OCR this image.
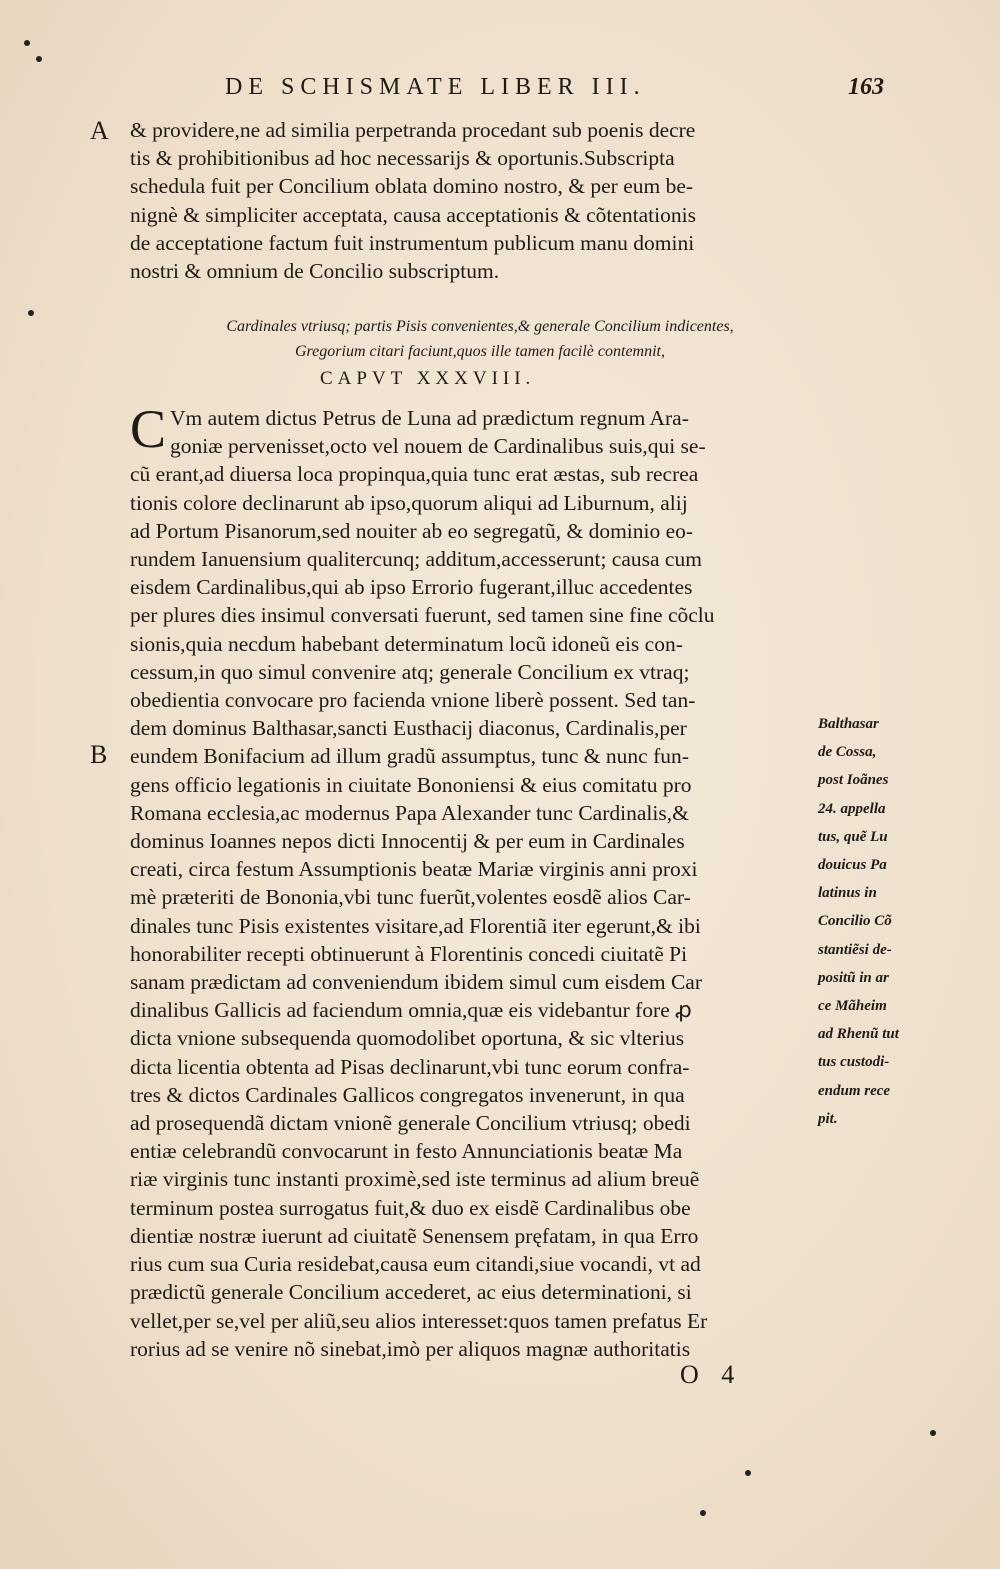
DE SCHISMATE LIBER III.	163
A
B
& providere,ne ad similia perpetranda procedant sub poenis decre
tis & prohibitionibus ad hoc necessarijs & oportunis.Subscripta
schedula fuit per Concilium oblata domino nostro, & per eum be-
nignè & simpliciter acceptata, causa acceptationis & cõtentationis
de acceptatione factum fuit instrumentum publicum manu domini
nostri & omnium de Concilio subscriptum.
Cardinales vtriusq; partis Pisis convenientes,& generale Concilium indicentes,
Gregorium citari faciunt,quos ille tamen facilè contemnit,
CAPVT XXXVIII.
C Vm autem dictus Petrus de Luna ad prædictum regnum Ara-
goniæ pervenisset,octo vel nouem de Cardinalibus suis,qui se-
cũ erant,ad diuersa loca propinqua,quia tunc erat æstas, sub recrea
tionis colore declinarunt ab ipso,quorum aliqui ad Liburnum, alij
ad Portum Pisanorum,sed nouiter ab eo segregatũ, & dominio eo-
rundem Ianuensium qualitercunq; additum,accesserunt; causa cum
eisdem Cardinalibus,qui ab ipso Errorio fugerant,illuc accedentes
per plures dies insimul conversati fuerunt, sed tamen sine fine cõclu
sionis,quia necdum habebant determinatum locũ idoneũ eis con-
cessum,in quo simul convenire atq; generale Concilium ex vtraq;
obedientia convocare pro facienda vnione liberè possent. Sed tan-
dem dominus Balthasar,sancti Eusthacij diaconus, Cardinalis,per
eundem Bonifacium ad illum gradũ assumptus, tunc & nunc fun-
gens officio legationis in ciuitate Bononiensi & eius comitatu pro
Romana ecclesia,ac modernus Papa Alexander tunc Cardinalis,&
dominus Ioannes nepos dicti Innocentij & per eum in Cardinales
creati, circa festum Assumptionis beatæ Mariæ virginis anni proxi
mè præteriti de Bononia,vbi tunc fuerũt,volentes eosdẽ alios Car-
dinales tunc Pisis existentes visitare,ad Florentiã iter egerunt,& ibi
honorabiliter recepti obtinuerunt à Florentinis concedi ciuitatẽ Pi
sanam prædictam ad conveniendum ibidem simul cum eisdem Car
dinalibus Gallicis ad faciendum omnia,quæ eis videbantur fore ꝓ
dicta vnione subsequenda quomodolibet oportuna, & sic vlterius
dicta licentia obtenta ad Pisas declinarunt,vbi tunc eorum confra-
tres & dictos Cardinales Gallicos congregatos invenerunt, in qua
ad prosequendã dictam vnionẽ generale Concilium vtriusq; obedi
entiæ celebrandũ convocarunt in festo Annunciationis beatæ Ma
riæ virginis tunc instanti proximè,sed iste terminus ad alium breuẽ
terminum postea surrogatus fuit,& duo ex eisdẽ Cardinalibus obe
dientiæ nostræ iuerunt ad ciuitatẽ Senensem pręfatam, in qua Erro
rius cum sua Curia residebat,causa eum citandi,siue vocandi, vt ad
prædictũ generale Concilium accederet, ac eius determinationi, si
vellet,per se,vel per aliũ,seu alios interesset:quos tamen prefatus Er
rorius ad se venire nõ sinebat,imò per aliquos magnæ authoritatis
Balthasar
de Cossa,
post Ioãnes
24. appella
tus, quẽ Lu
douicus Pa
latinus in
Concilio Cõ
stantiẽsi de-
positũ in ar
ce Mãheim
ad Rhenũ tut
tus custodi-
endum rece
pit.
O 4
